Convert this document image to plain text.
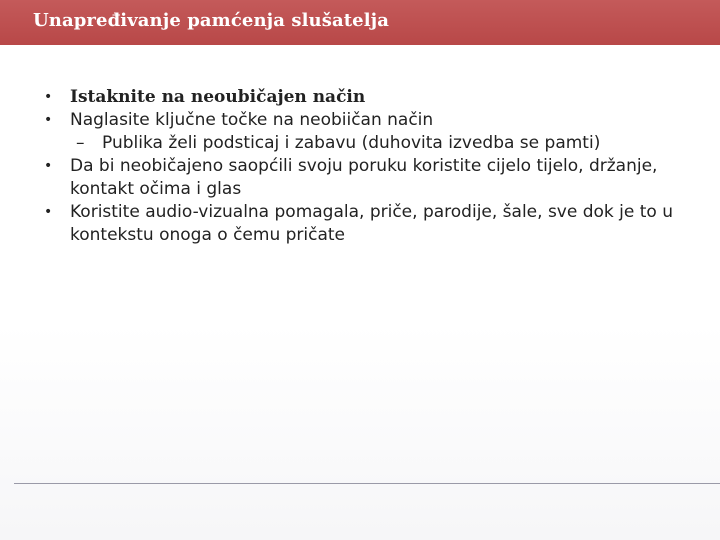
Unapređivanje pamćenja slušatelja
• Istaknite na neoubičajen način
• Naglasite ključne točke na neobiičan način
– Publika želi podsticaj i zabavu (duhovita izvedba se pamti)
• Da bi neobičajeno saopćili svoju poruku koristite cijelo tijelo, držanje, kontakt očima i glas
• Koristite audio-vizualna pomagala, priče, parodije, šale, sve dok je to u kontekstu onoga o čemu pričate
